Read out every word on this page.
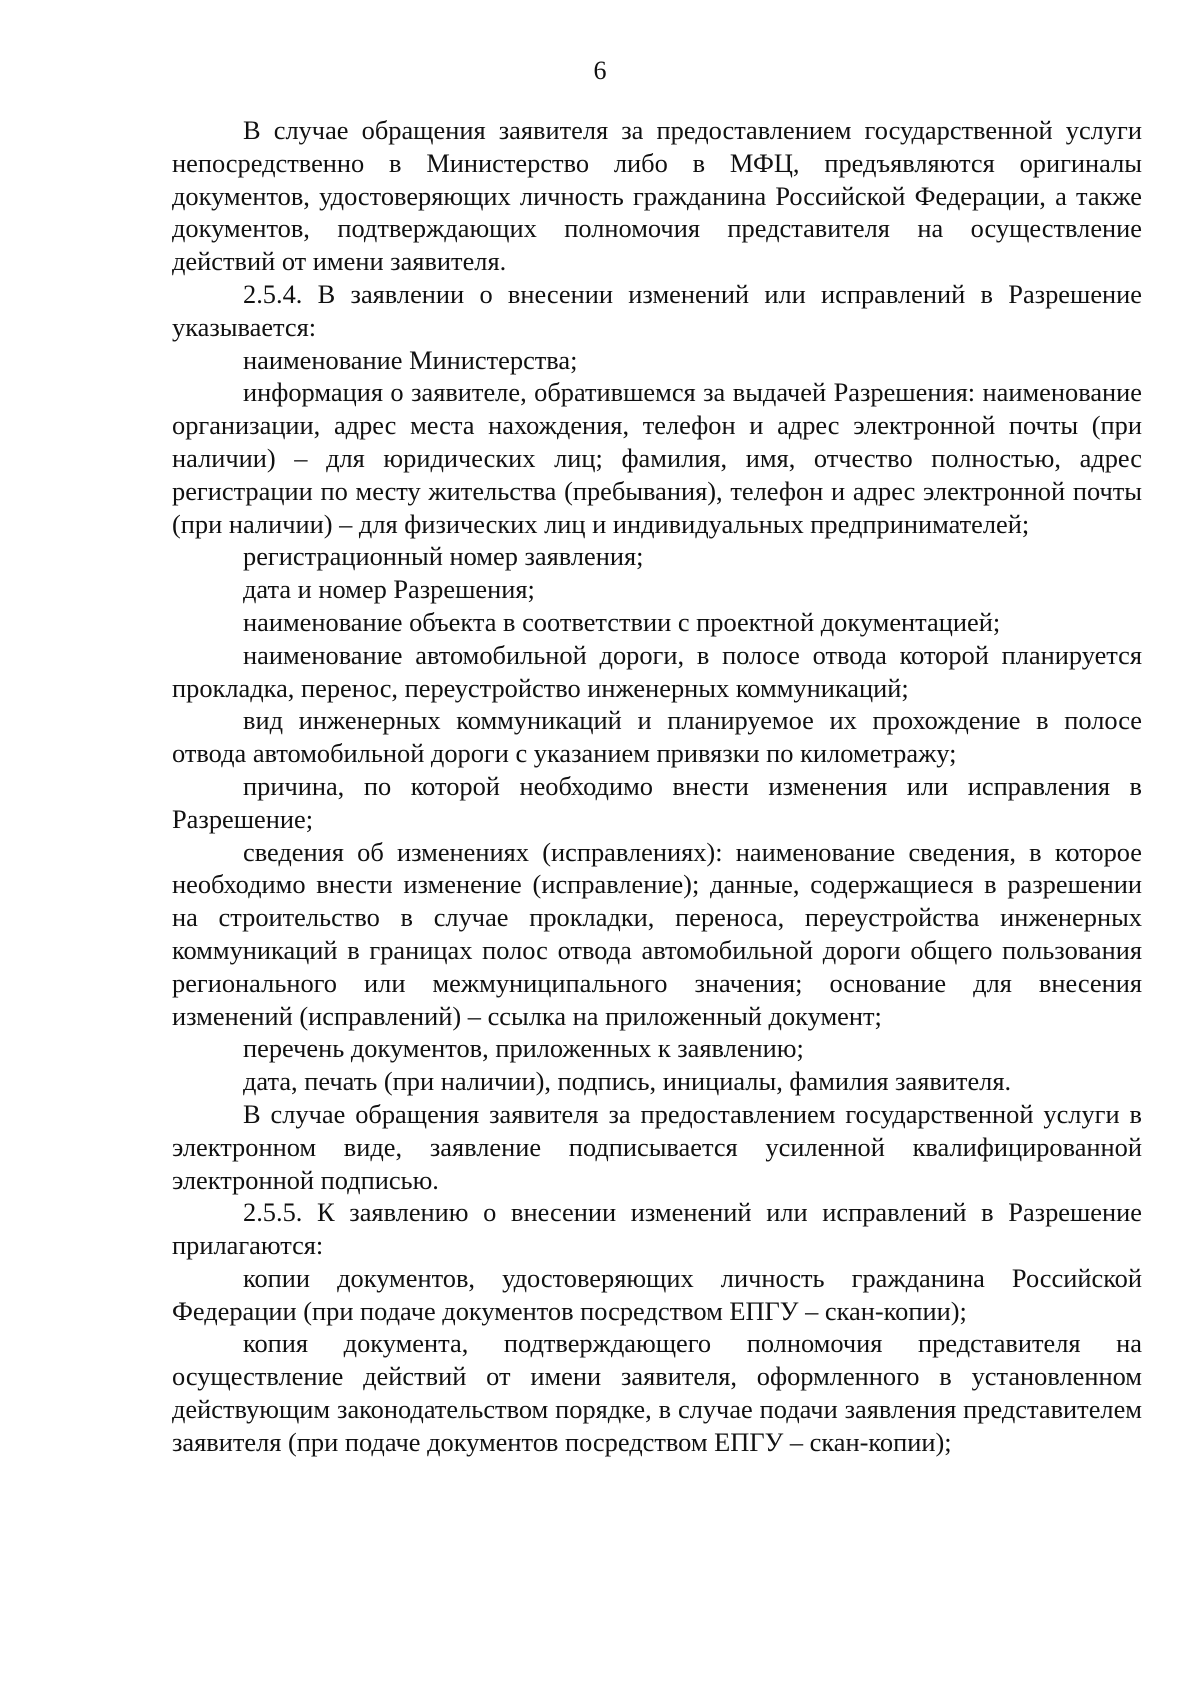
6

В случае обращения заявителя за предоставлением государственной услуги непосредственно в Министерство либо в МФЦ, предъявляются оригиналы документов, удостоверяющих личность гражданина Российской Федерации, а также документов, подтверждающих полномочия представителя на осуществление действий от имени заявителя.

2.5.4. В заявлении о внесении изменений или исправлений в Разрешение указывается:

наименование Министерства;

информация о заявителе, обратившемся за выдачей Разрешения: наименование организации, адрес места нахождения, телефон и адрес электронной почты (при наличии) – для юридических лиц; фамилия, имя, отчество полностью, адрес регистрации по месту жительства (пребывания), телефон и адрес электронной почты (при наличии) – для физических лиц и индивидуальных предпринимателей;

регистрационный номер заявления;

дата и номер Разрешения;

наименование объекта в соответствии с проектной документацией;

наименование автомобильной дороги, в полосе отвода которой планируется прокладка, перенос, переустройство инженерных коммуникаций;

вид инженерных коммуникаций и планируемое их прохождение в полосе отвода автомобильной дороги с указанием привязки по километражу;

причина, по которой необходимо внести изменения или исправления в Разрешение;

сведения об изменениях (исправлениях): наименование сведения, в которое необходимо внести изменение (исправление); данные, содержащиеся в разрешении на строительство в случае прокладки, переноса, переустройства инженерных коммуникаций в границах полос отвода автомобильной дороги общего пользования регионального или межмуниципального значения; основание для внесения изменений (исправлений) – ссылка на приложенный документ;

перечень документов, приложенных к заявлению;

дата, печать (при наличии), подпись, инициалы, фамилия заявителя.

В случае обращения заявителя за предоставлением государственной услуги в электронном виде, заявление подписывается усиленной квалифицированной электронной подписью.

2.5.5. К заявлению о внесении изменений или исправлений в Разрешение прилагаются:

копии документов, удостоверяющих личность гражданина Российской Федерации (при подаче документов посредством ЕПГУ – скан-копии);

копия документа, подтверждающего полномочия представителя на осуществление действий от имени заявителя, оформленного в установленном действующим законодательством порядке, в случае подачи заявления представителем заявителя (при подаче документов посредством ЕПГУ – скан-копии);
